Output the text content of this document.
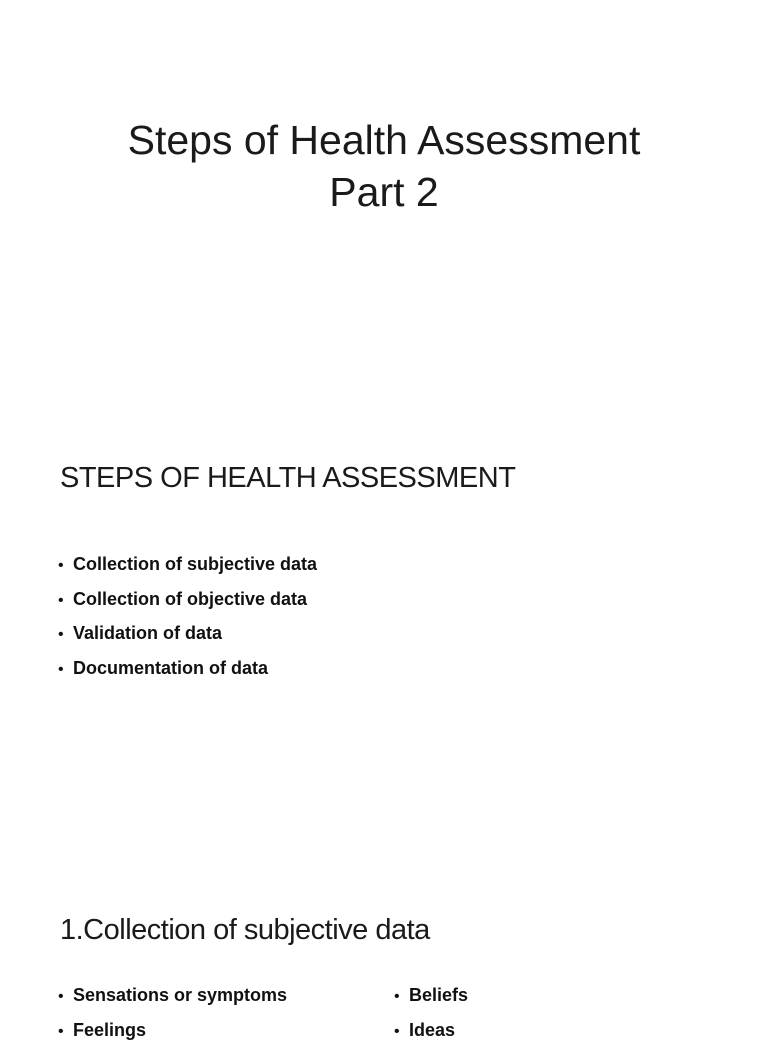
Steps of Health Assessment
Part 2
STEPS OF HEALTH ASSESSMENT
• Collection of subjective data
• Collection of objective data
• Validation of data
• Documentation of data
1.Collection of subjective data
• Sensations or symptoms
• Feelings
• Beliefs
• Ideas
